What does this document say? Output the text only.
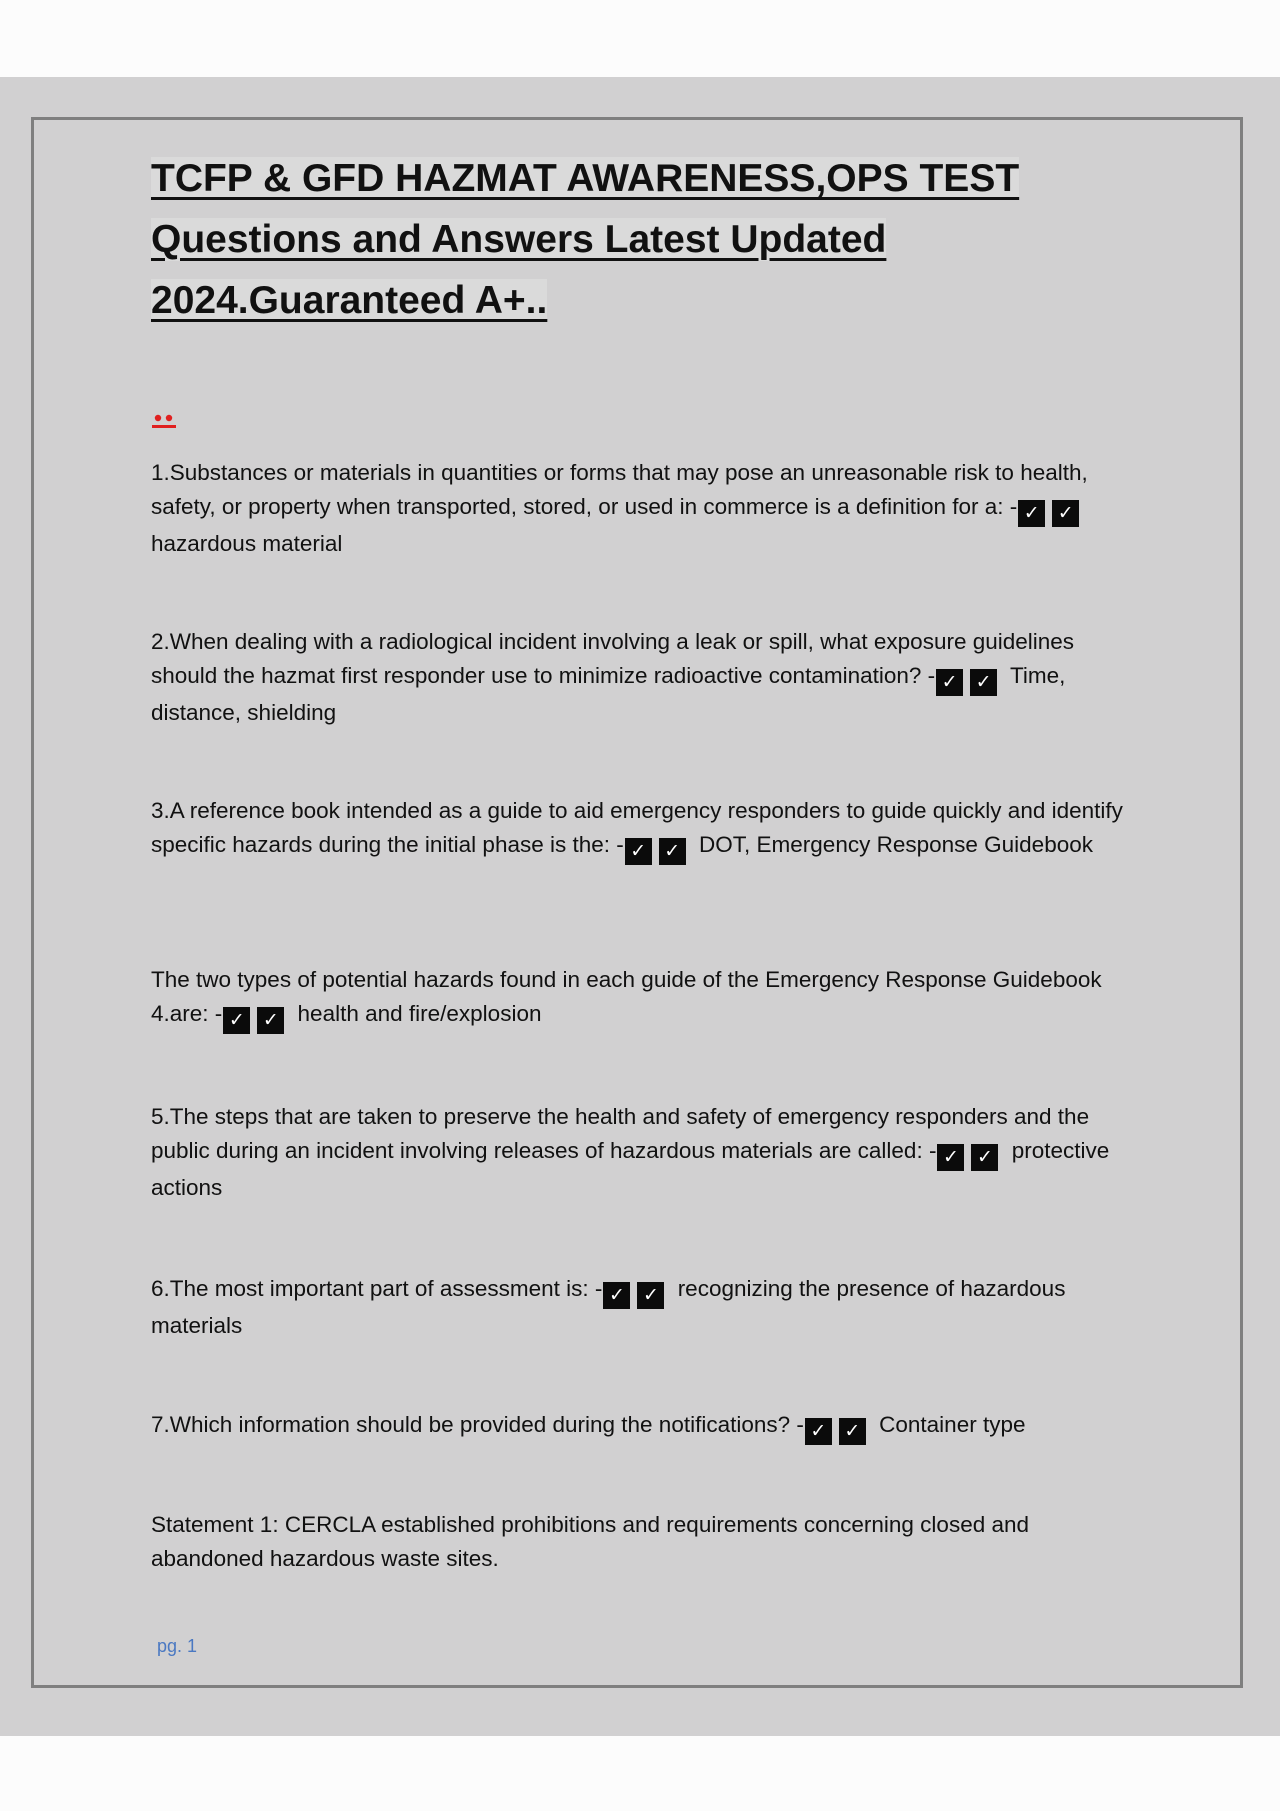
TCFP & GFD HAZMAT AWARENESS,OPS TEST
Questions and Answers Latest Updated
2024.Guaranteed A+..

1.Substances or materials in quantities or forms that may pose an unreasonable risk to health, safety, or property when transported, stored, or used in commerce is a definition for a: - ✓ ✓ hazardous material

2.When dealing with a radiological incident involving a leak or spill, what exposure guidelines should the hazmat first responder use to minimize radioactive contamination? - ✓ ✓ Time, distance, shielding

3.A reference book intended as a guide to aid emergency responders to guide quickly and identify specific hazards during the initial phase is the: - ✓ ✓ DOT, Emergency Response Guidebook

The two types of potential hazards found in each guide of the Emergency Response Guidebook 4.are: - ✓ ✓ health and fire/explosion

5.The steps that are taken to preserve the health and safety of emergency responders and the public during an incident involving releases of hazardous materials are called: - ✓ ✓ protective actions

6.The most important part of assessment is: - ✓ ✓ recognizing the presence of hazardous materials

7.Which information should be provided during the notifications? - ✓ ✓ Container type

Statement 1: CERCLA established prohibitions and requirements concerning closed and abandoned hazardous waste sites.

pg. 1
